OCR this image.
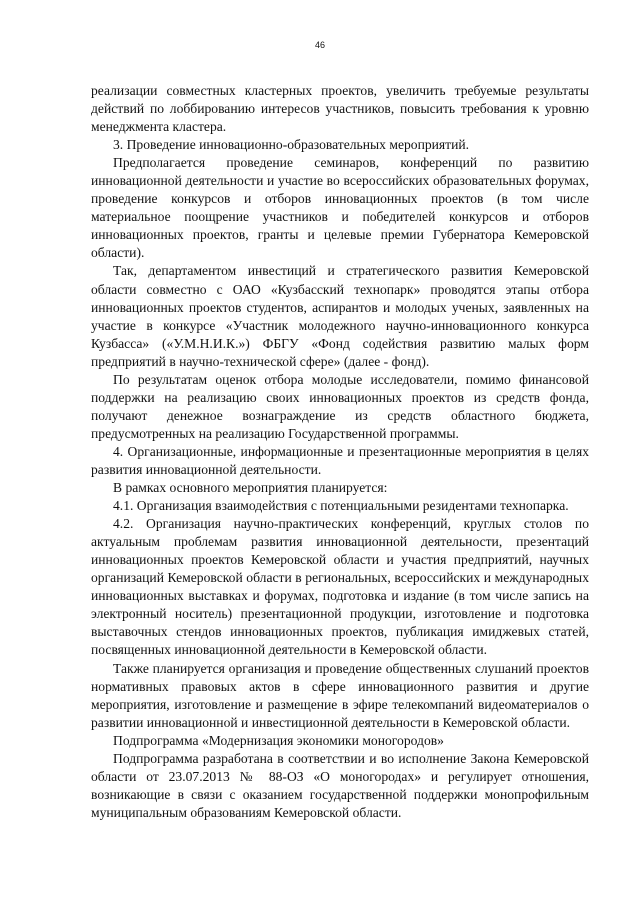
46

реализации совместных кластерных проектов, увеличить требуемые результаты действий по лоббированию интересов участников, повысить требования к уровню менеджмента кластера.

3. Проведение инновационно-образовательных мероприятий.

Предполагается проведение семинаров, конференций по развитию инновационной деятельности и участие во всероссийских образовательных форумах, проведение конкурсов и отборов инновационных проектов (в том числе материальное поощрение участников и победителей конкурсов и отборов инновационных проектов, гранты и целевые премии Губернатора Кемеровской области).

Так, департаментом инвестиций и стратегического развития Кемеровской области совместно с ОАО «Кузбасский технопарк» проводятся этапы отбора инновационных проектов студентов, аспирантов и молодых ученых, заявленных на участие в конкурсе «Участник молодежного научно-инновационного конкурса Кузбасса» («У.М.Н.И.К.») ФБГУ «Фонд содействия развитию малых форм предприятий в научно-технической сфере» (далее - фонд).

По результатам оценок отбора молодые исследователи, помимо финансовой поддержки на реализацию своих инновационных проектов из средств фонда, получают денежное вознаграждение из средств областного бюджета, предусмотренных на реализацию Государственной программы.

4. Организационные, информационные и презентационные мероприятия в целях развития инновационной деятельности.

В рамках основного мероприятия планируется:

4.1. Организация взаимодействия с потенциальными резидентами технопарка.

4.2. Организация научно-практических конференций, круглых столов по актуальным проблемам развития инновационной деятельности, презентаций инновационных проектов Кемеровской области и участия предприятий, научных организаций Кемеровской области в региональных, всероссийских и международных инновационных выставках и форумах, подготовка и издание (в том числе запись на электронный носитель) презентационной продукции, изготовление и подготовка выставочных стендов инновационных проектов, публикация имиджевых статей, посвященных инновационной деятельности в Кемеровской области.

Также планируется организация и проведение общественных слушаний проектов нормативных правовых актов в сфере инновационного развития и другие мероприятия, изготовление и размещение в эфире телекомпаний видеоматериалов о развитии инновационной и инвестиционной деятельности в Кемеровской области.

Подпрограмма «Модернизация экономики моногородов»

Подпрограмма разработана в соответствии и во исполнение Закона Кемеровской области от 23.07.2013 № 88-ОЗ «О моногородах» и регулирует отношения, возникающие в связи с оказанием государственной поддержки монопрофильным муниципальным образованиям Кемеровской области.
